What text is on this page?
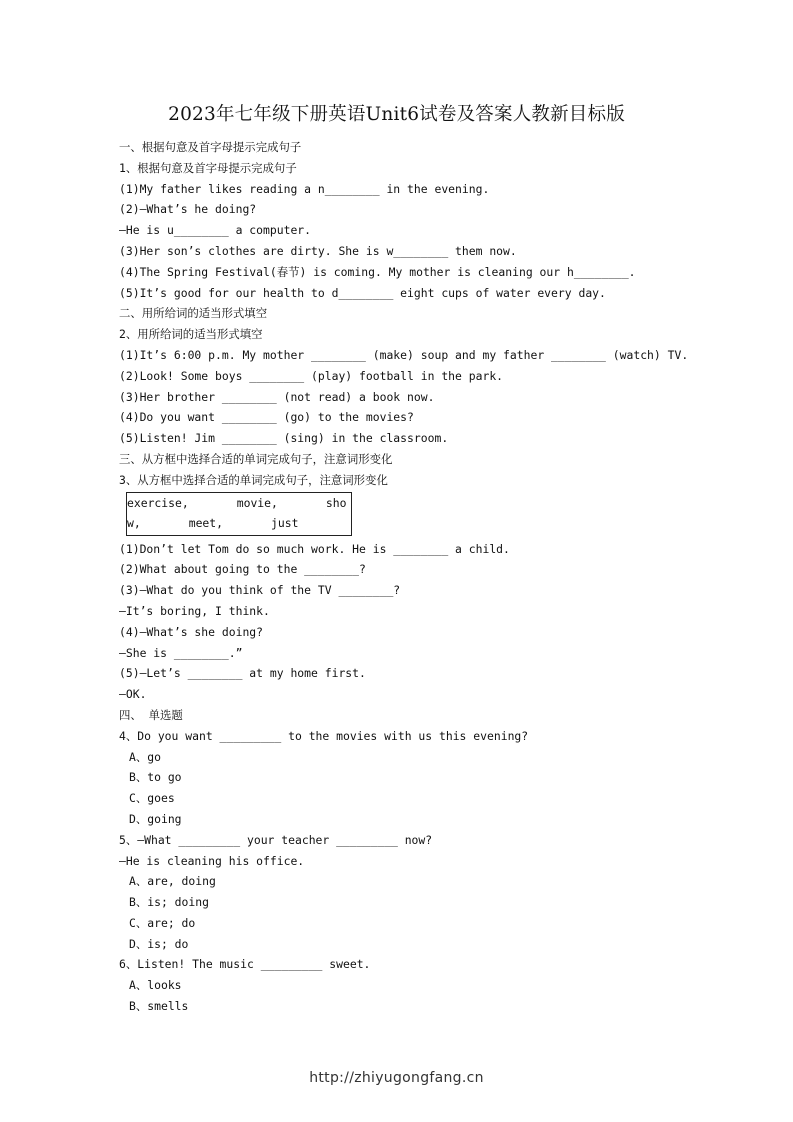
2023年七年级下册英语Unit6试卷及答案人教新目标版
一、根据句意及首字母提示完成句子
1、根据句意及首字母提示完成句子
(1)My father likes reading a n________ in the evening.
(2)—What’s he doing?
—He is u________ a computer.
(3)Her son’s clothes are dirty. She is w________ them now.
(4)The Spring Festival(春节) is coming. My mother is cleaning our h________.
(5)It’s good for our health to d________ eight cups of water every day.
二、用所给词的适当形式填空
2、用所给词的适当形式填空
(1)It’s 6:00 p.m. My mother ________ (make) soup and my father ________ (watch) TV.
(2)Look! Some boys ________ (play) football in the park.
(3)Her brother ________ (not read) a book now.
(4)Do you want ________ (go) to the movies?
(5)Listen! Jim ________ (sing) in the classroom.
三、从方框中选择合适的单词完成句子，注意词形变化
3、从方框中选择合适的单词完成句子，注意词形变化
exercise,       movie,       sho
w,       meet,       just
(1)Don’t let Tom do so much work. He is ________ a child.
(2)What about going to the ________?
(3)—What do you think of the TV ________?
—It’s boring, I think.
(4)—What’s she doing?
—She is ________.”
(5)—Let’s ________ at my home first.
—OK.
四、 单选题
4、Do you want _________ to the movies with us this evening?
A、go
B、to go
C、goes
D、going
5、—What _________ your teacher _________ now?
—He is cleaning his office.
A、are, doing
B、is; doing
C、are; do
D、is; do
6、Listen! The music _________ sweet.
A、looks
B、smells
http://zhiyugongfang.cn
